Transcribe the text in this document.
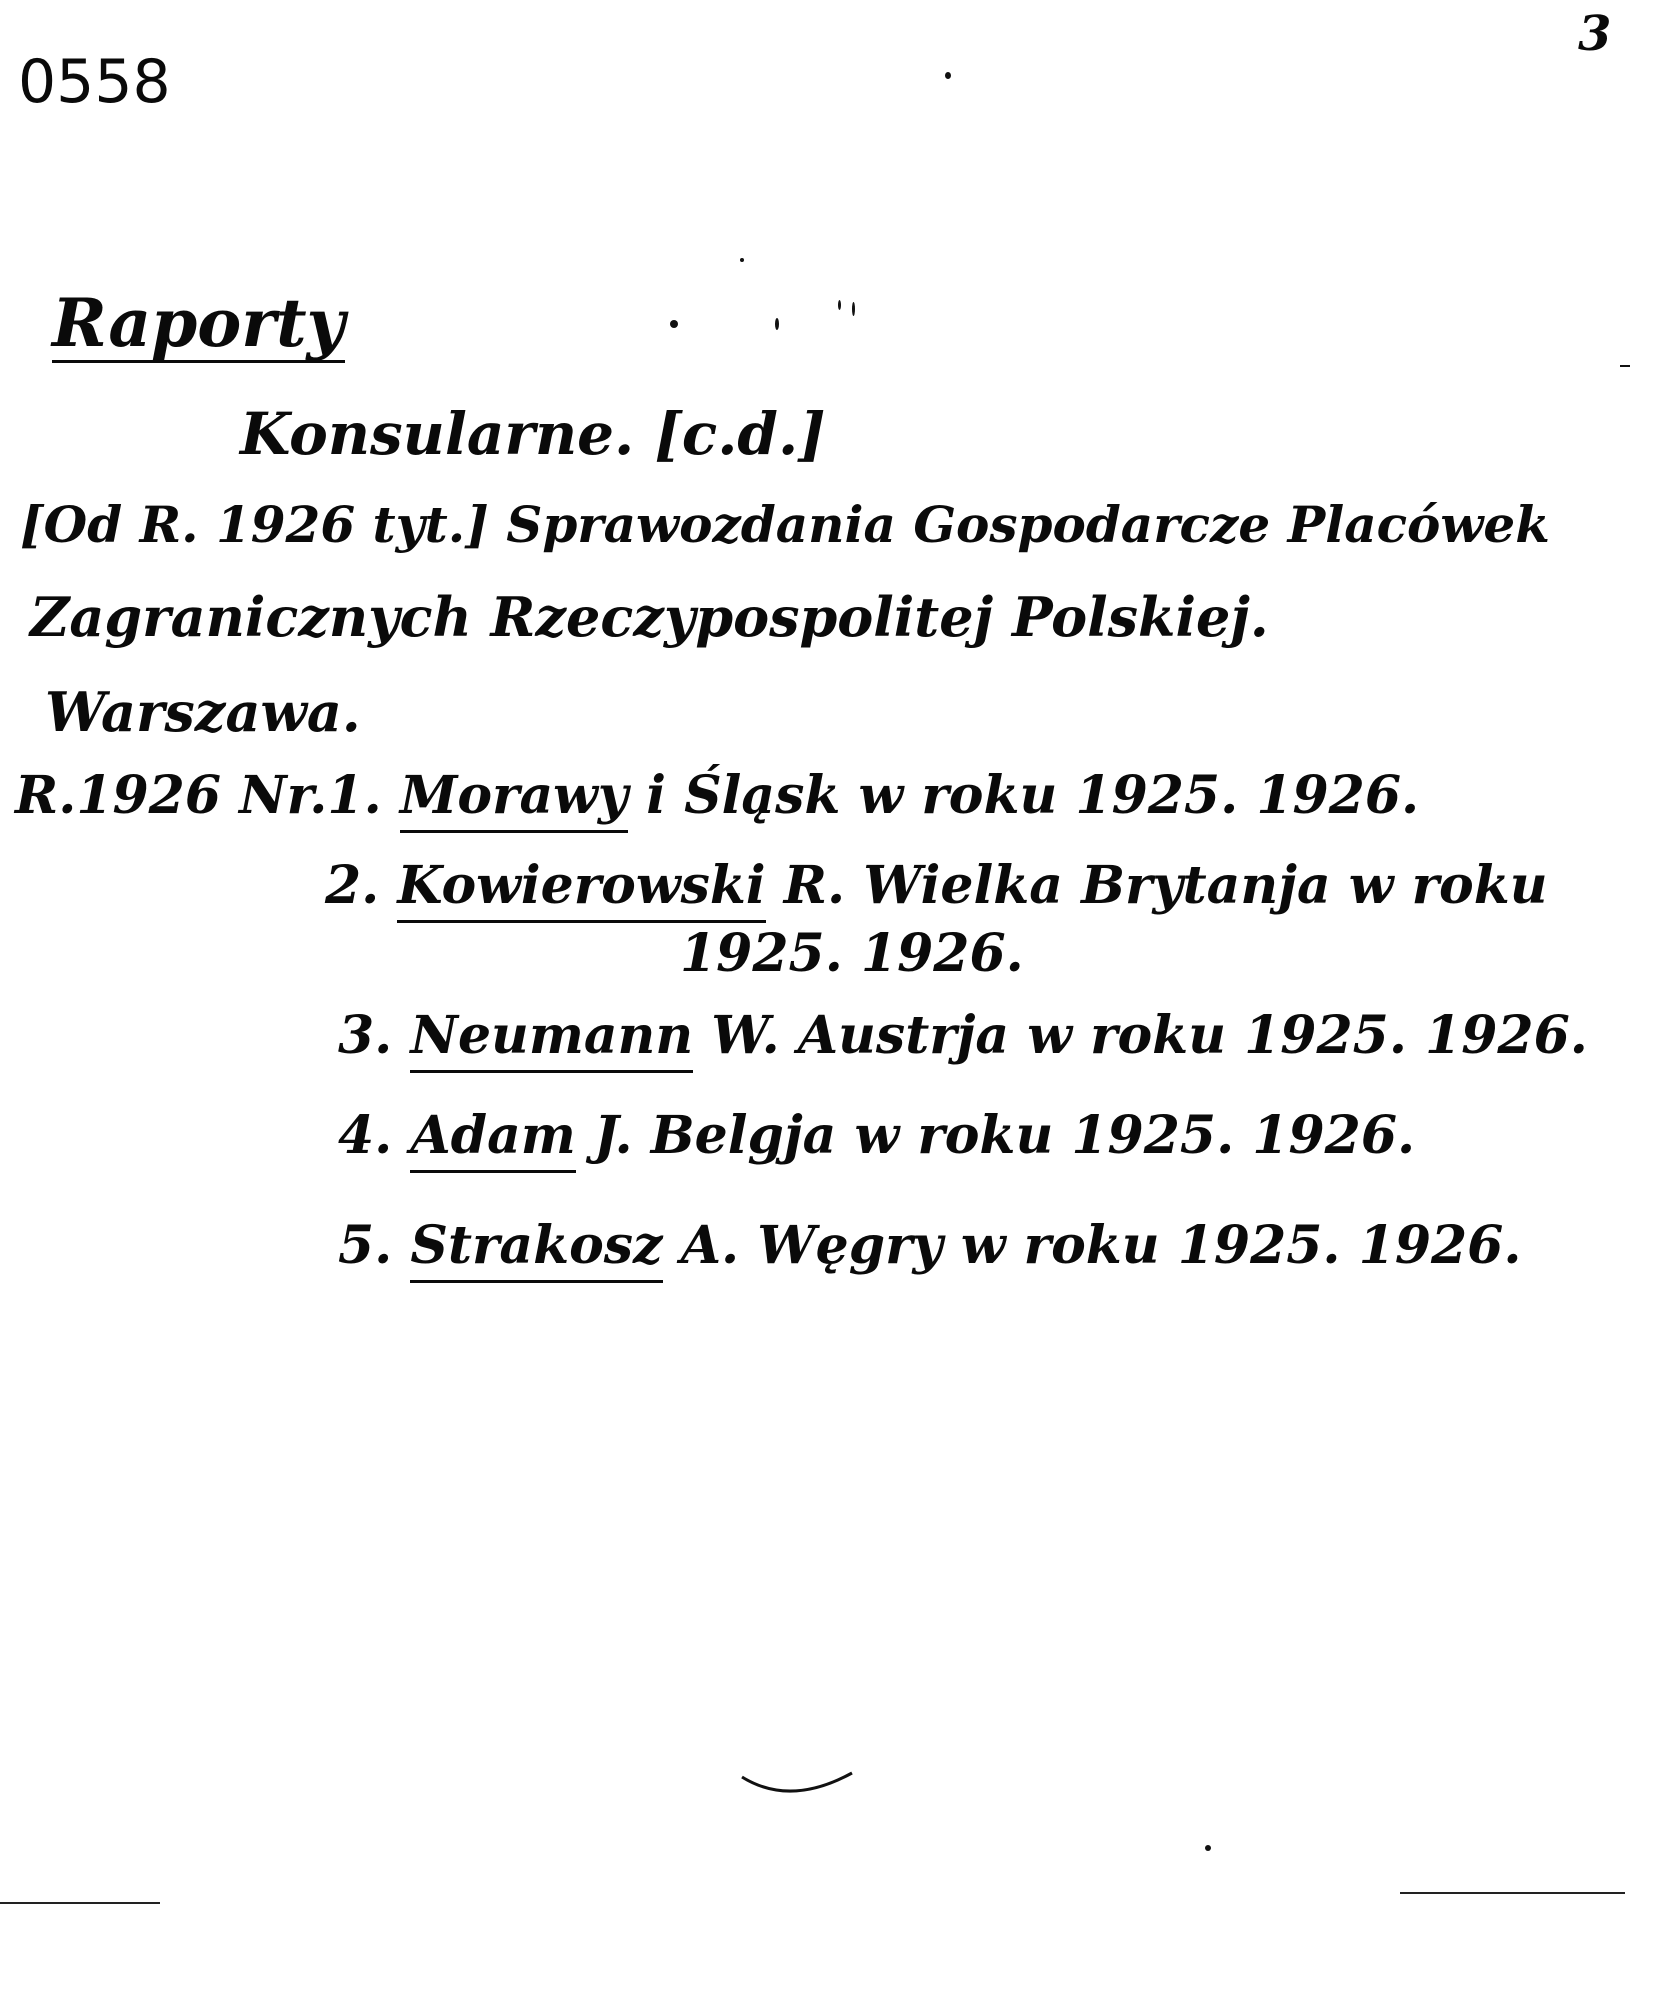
0558
3
Raporty
Konsularne. [c.d.]
[Od R. 1926 tyt.] Sprawozdania Gospodarcze Placówek
Zagranicznych Rzeczypospolitej Polskiej.
Warszawa.
R.1926 Nr.1. Morawy i Śląsk w roku 1925. 1926.
2. Kowierowski R. Wielka Brytanja w roku
1925. 1926.
3. Neumann W. Austrja w roku 1925. 1926.
4. Adam J. Belgja w roku 1925. 1926.
5. Strakosz A. Węgry w roku 1925. 1926.
